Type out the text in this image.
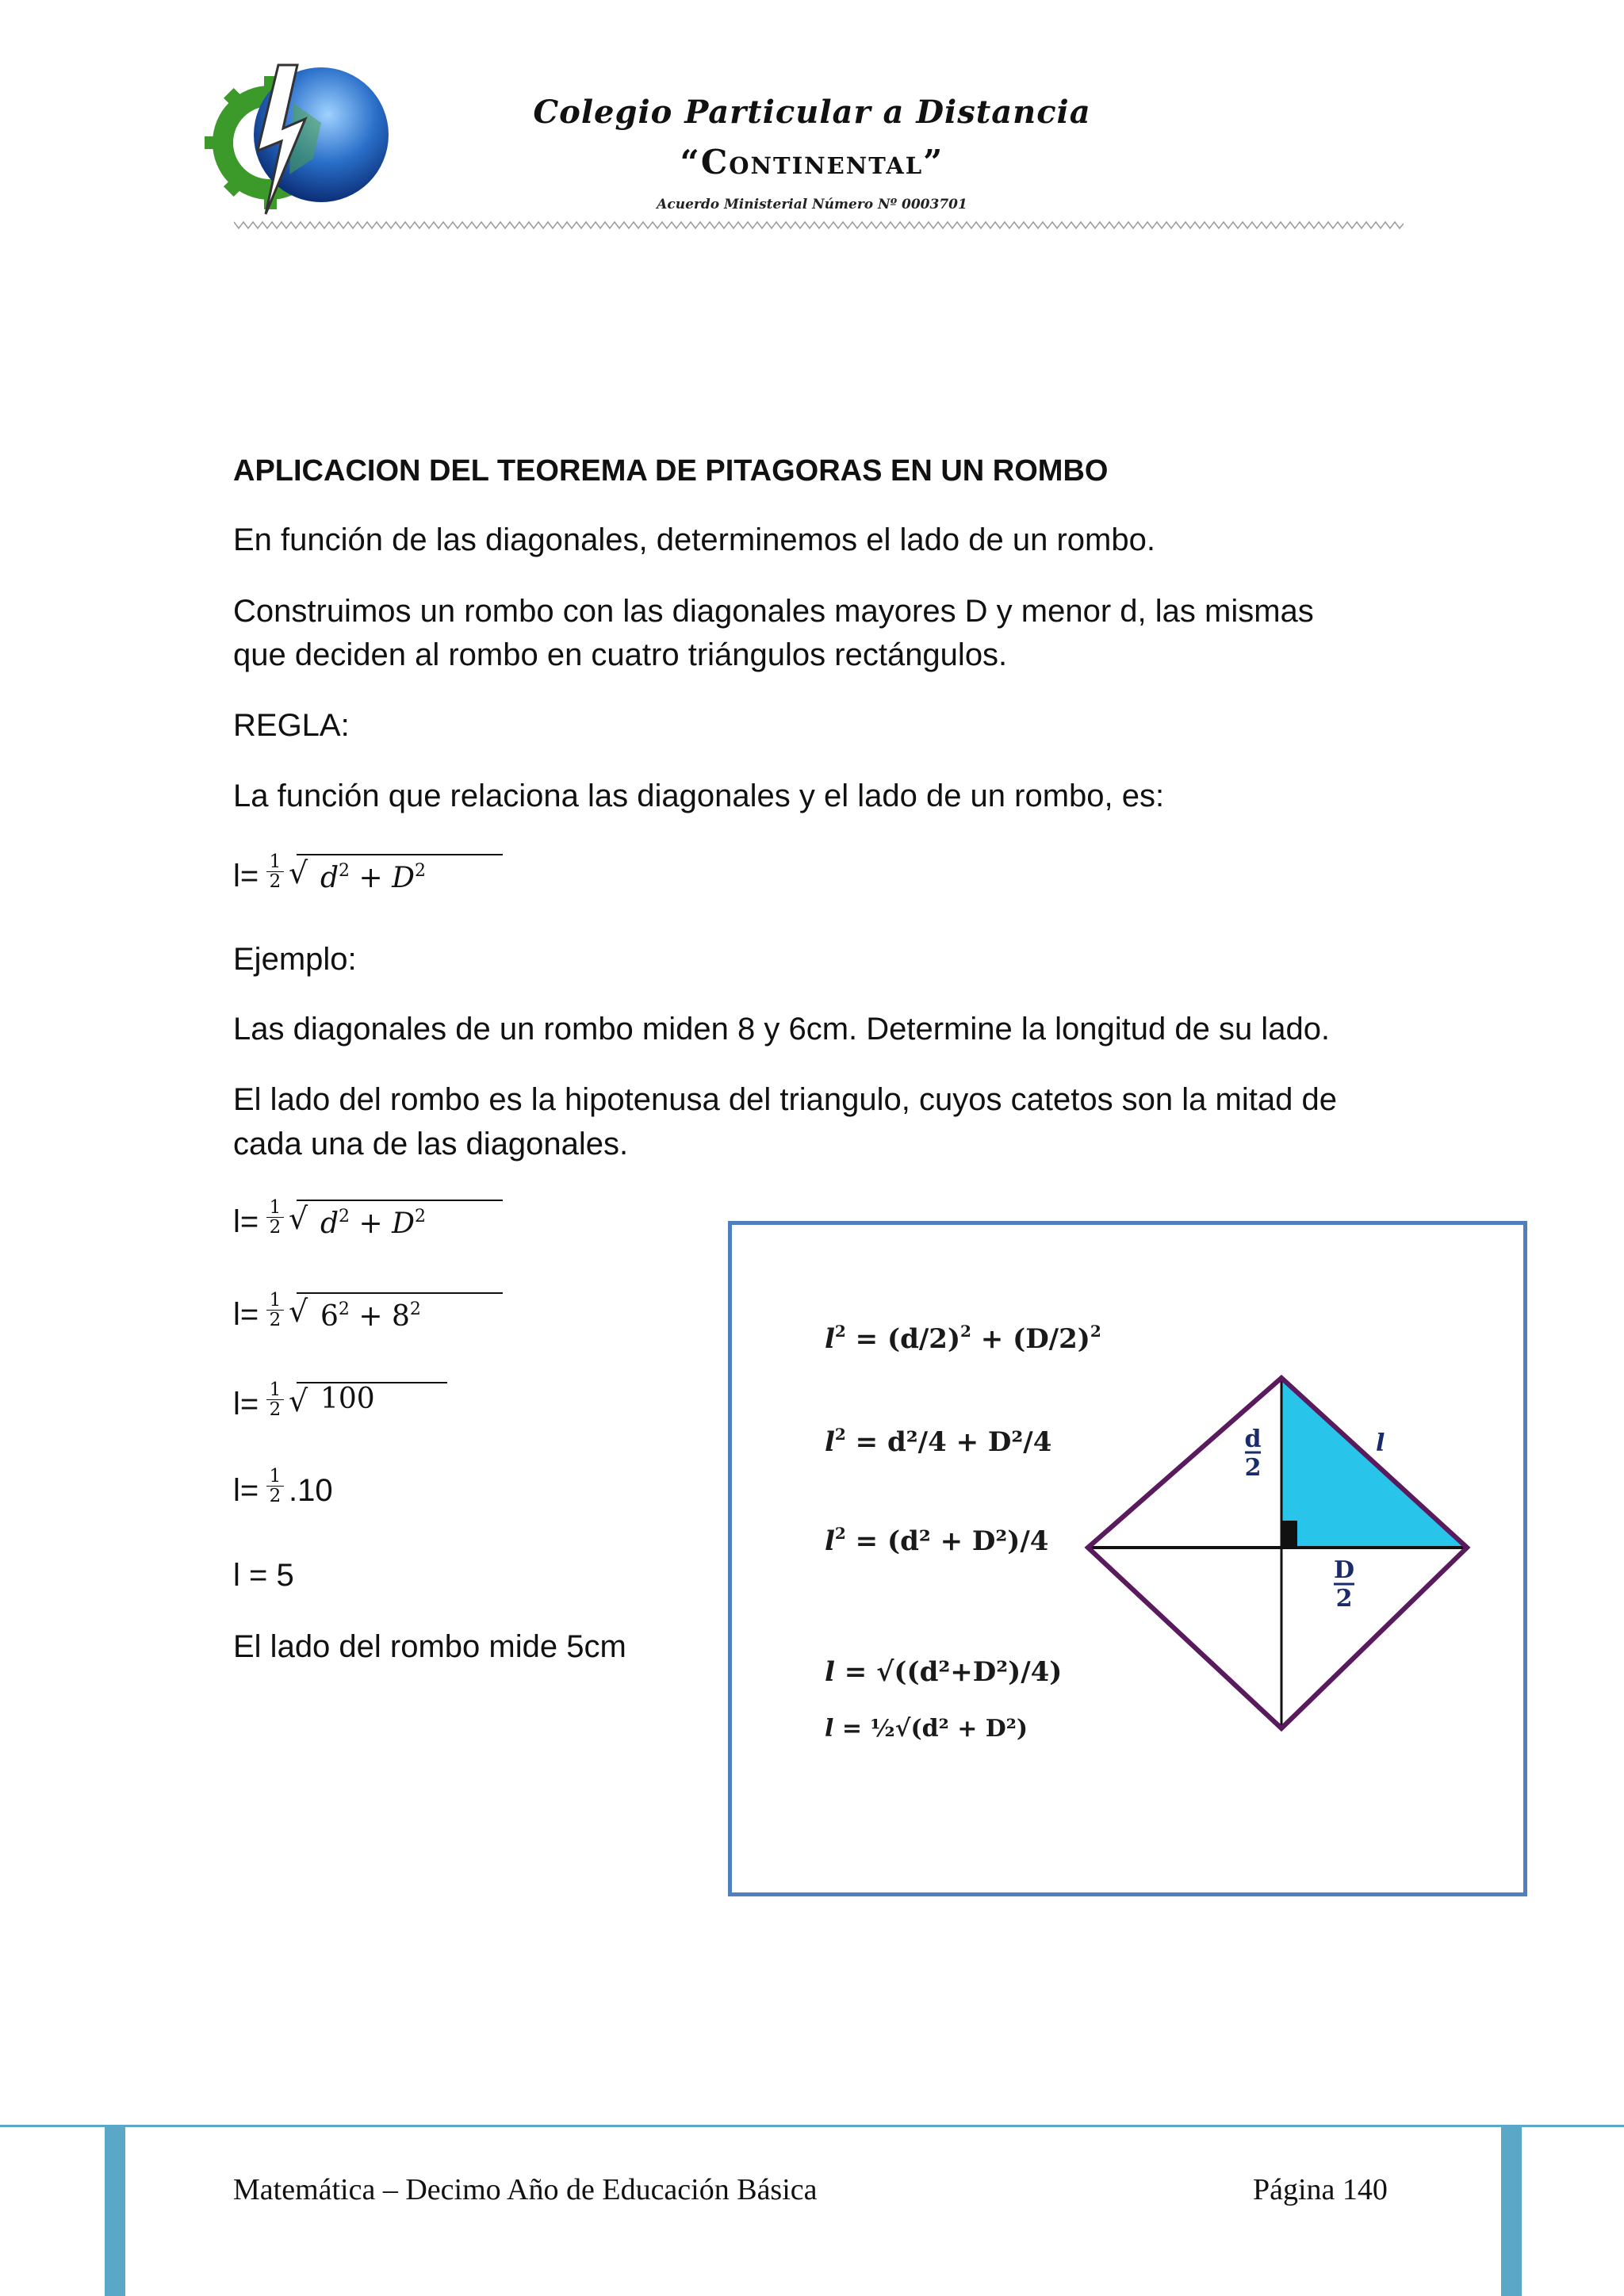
Colegio Particular a Distancia
“Continental”
Acuerdo Ministerial Número Nº 0003701
APLICACION DEL TEOREMA DE PITAGORAS EN UN ROMBO
En función de las diagonales, determinemos el lado de un rombo.
Construimos un rombo con las diagonales mayores D y menor d, las mismas
que deciden al rombo en cuatro triángulos rectángulos.
REGLA:
La función que relaciona las diagonales y el lado de un rombo, es:
$l= \frac{1}{2}$ √ $d^2 + D^2$
Ejemplo:
Las diagonales de un rombo miden 8 y 6cm. Determine la longitud de su lado.
El lado del rombo es la hipotenusa del triangulo, cuyos catetos son la mitad de
cada una de las diagonales.
$l= \frac{1}{2}$ √ $d^2 + D^2$
$l= \frac{1}{2}$ √ $6^2 + 8^2$
$l= \frac{1}{2}$ √ 100
$l= \frac{1}{2} .10$
l = 5
El lado del rombo mide 5cm
$l^2 = (d/2)^2 + (D/2)^2$
$l^2 = d^2/4 + D^2/4$
$l^2 = (d^2 + D^2)/4$
l = √((d²+D²)/4)
l = ½√(d² + D²)
d 2
D 2
l
Matemática – Decimo Año de Educación Básica	Página 140
